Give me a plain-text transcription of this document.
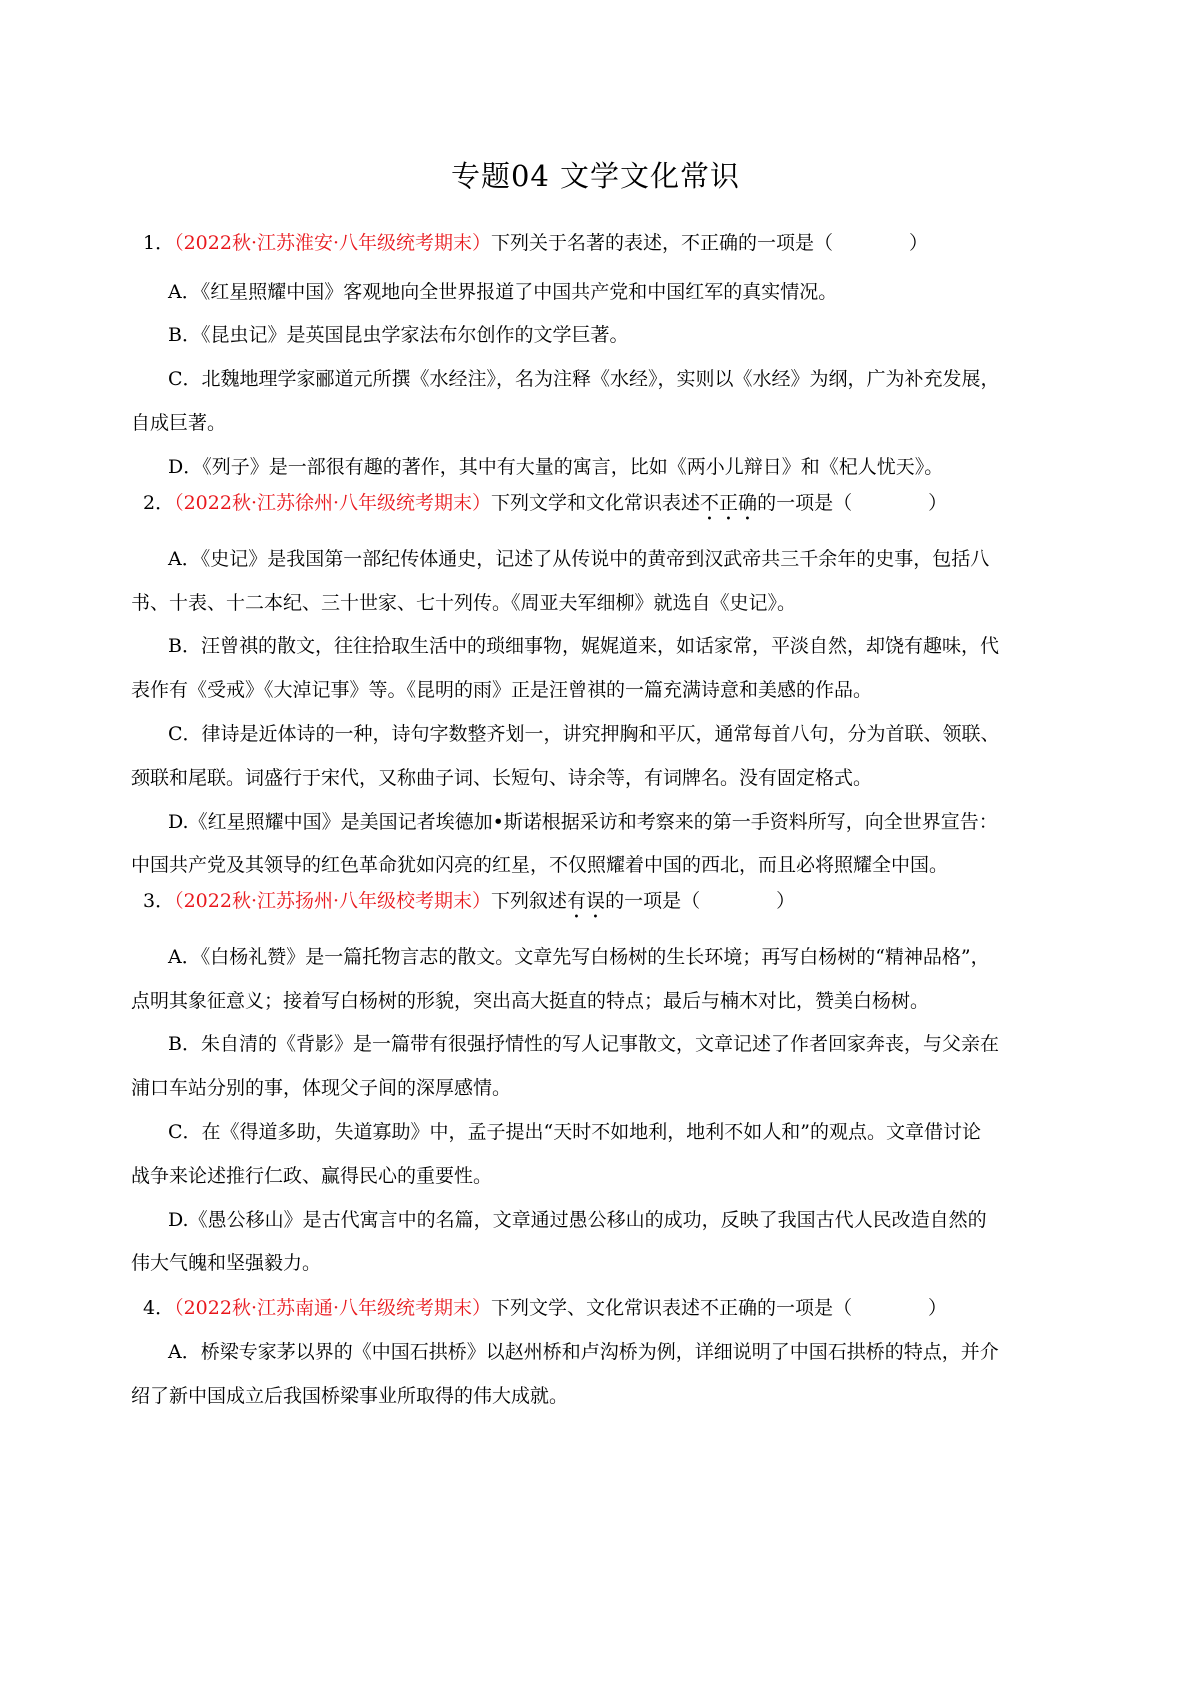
专题04 文学文化常识
1．（2022秋·江苏淮安·八年级统考期末）下列关于名著的表述，不正确的一项是（　　　　）
A．《红星照耀中国》客观地向全世界报道了中国共产党和中国红军的真实情况。
B．《昆虫记》是英国昆虫学家法布尔创作的文学巨著。
C．北魏地理学家郦道元所撰《水经注》，名为注释《水经》，实则以《水经》为纲，广为补充发展，
自成巨著。
D．《列子》是一部很有趣的著作，其中有大量的寓言，比如《两小儿辩日》和《杞人忧天》。
2．（2022秋·江苏徐州·八年级统考期末）下列文学和文化常识表述不正确的一项是（　　　　）
A．《史记》是我国第一部纪传体通史，记述了从传说中的黄帝到汉武帝共三千余年的史事，包括八
书、十表、十二本纪、三十世家、七十列传。《周亚夫军细柳》就选自《史记》。
B．汪曾祺的散文，往往拾取生活中的琐细事物，娓娓道来，如话家常，平淡自然，却饶有趣味，代
表作有《受戒》《大淖记事》等。《昆明的雨》正是汪曾祺的一篇充满诗意和美感的作品。
C．律诗是近体诗的一种，诗句字数整齐划一，讲究押胸和平仄，通常每首八句，分为首联、领联、
颈联和尾联。词盛行于宋代，又称曲子词、长短句、诗余等，有词牌名。没有固定格式。
D.《红星照耀中国》是美国记者埃德加•斯诺根据采访和考察来的第一手资料所写，向全世界宣告：
中国共产党及其领导的红色革命犹如闪亮的红星，不仅照耀着中国的西北，而且必将照耀全中国。
3．（2022秋·江苏扬州·八年级校考期末）下列叙述有误的一项是（　　　　）
A．《白杨礼赞》是一篇托物言志的散文。文章先写白杨树的生长环境；再写白杨树的“精神品格”，
点明其象征意义；接着写白杨树的形貌，突出高大挺直的特点；最后与楠木对比，赞美白杨树。
B．朱自清的《背影》是一篇带有很强抒情性的写人记事散文，文章记述了作者回家奔丧，与父亲在
浦口车站分别的事，体现父子间的深厚感情。
C．在《得道多助，失道寡助》中，孟子提出“天时不如地利，地利不如人和”的观点。文章借讨论
战争来论述推行仁政、赢得民心的重要性。
D.《愚公移山》是古代寓言中的名篇，文章通过愚公移山的成功，反映了我国古代人民改造自然的
伟大气魄和坚强毅力。
4．（2022秋·江苏南通·八年级统考期末）下列文学、文化常识表述不正确的一项是（　　　　）
A．桥梁专家茅以界的《中国石拱桥》以赵州桥和卢沟桥为例，详细说明了中国石拱桥的特点，并介
绍了新中国成立后我国桥梁事业所取得的伟大成就。
